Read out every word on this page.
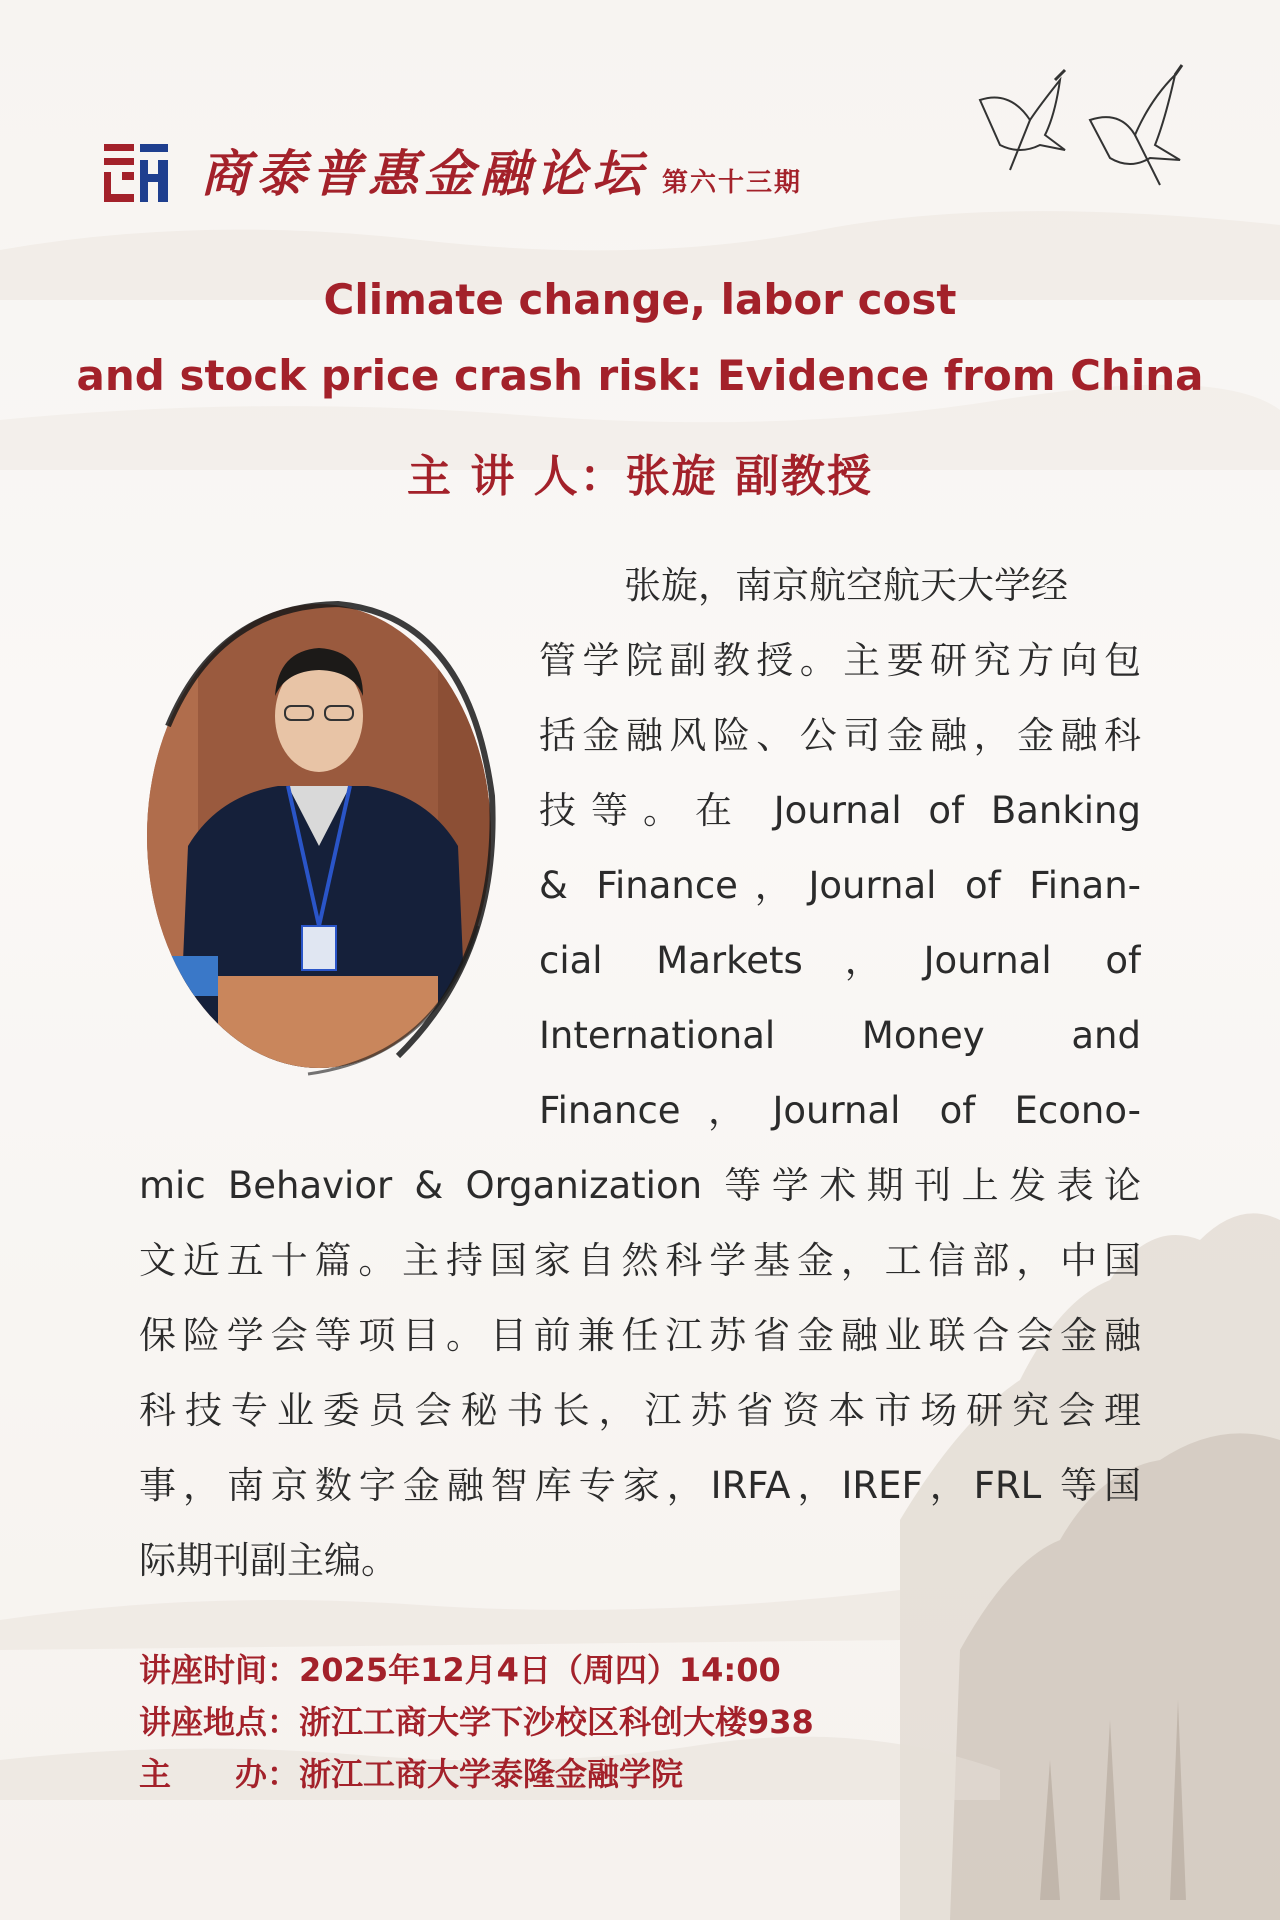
商泰普惠金融论坛 第六十三期
Climate change, labor cost
and stock price crash risk: Evidence from China
主 讲 人：张旋 副教授
张旋，南京航空航天大学经
管学院副教授。主要研究方向包
括金融风险、公司金融，金融科
技等。在 Journal of Banking
& Finance，Journal of Finan-
cial Markets，Journal of
International Money and
Finance，Journal of Econo-
mic Behavior & Organization 等学术期刊上发表论
文近五十篇。主持国家自然科学基金，工信部，中国
保险学会等项目。目前兼任江苏省金融业联合会金融
科技专业委员会秘书长，江苏省资本市场研究会理
事，南京数字金融智库专家，IRFA，IREF，FRL 等国
际期刊副主编。
讲座时间： 2025年12月4日（周四）14:00
讲座地点： 浙江工商大学下沙校区科创大楼938
主　　办： 浙江工商大学泰隆金融学院
